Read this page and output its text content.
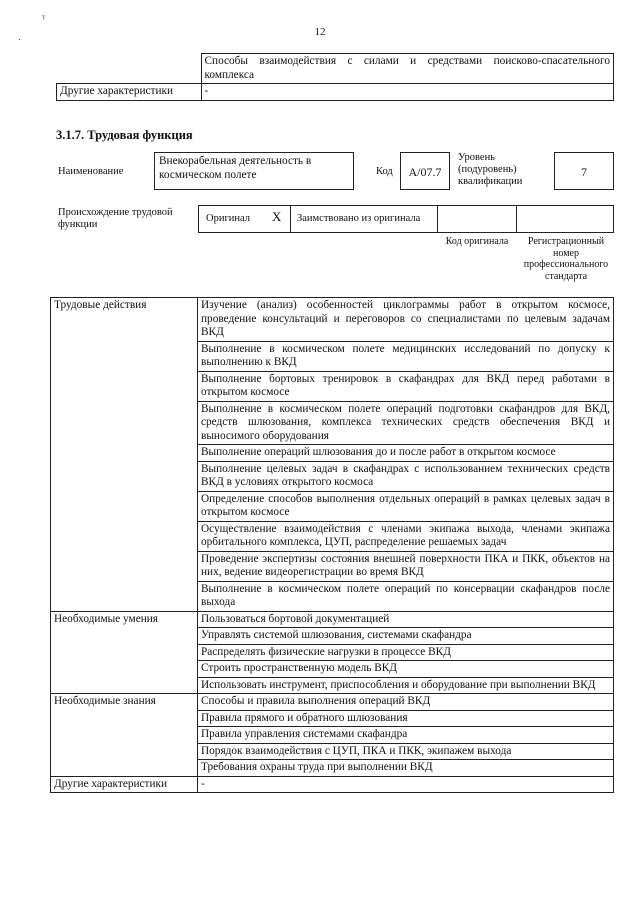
ᵀ
˙
12
	Способы взаимодействия с силами и средствами поисково-спасательного комплекса
Другие характеристики	-
3.1.7. Трудовая функция
Наименование
Внекорабельная деятельность в космическом полете	Код	A/07.7
Уровень (подуровень) квалификации
7
Происхождение трудовой функции
Оригинал X Заимствовано из оригинала
Код оригинала	Регистрационный номер профессионального стандарта
Трудовые действия	Изучение (анализ) особенностей циклограммы работ в открытом космосе, проведение консультаций и переговоров со специалистами по целевым задачам ВКД
	Выполнение в космическом полете медицинских исследований по допуску к выполнению к ВКД
	Выполнение бортовых тренировок в скафандрах для ВКД перед работами в открытом космосе
	Выполнение в космическом полете операций подготовки скафандров для ВКД, средств шлюзования, комплекса технических средств обеспечения ВКД и выносимого оборудования
	Выполнение операций шлюзования до и после работ в открытом космосе
	Выполнение целевых задач в скафандрах с использованием технических средств ВКД в условиях открытого космоса
	Определение способов выполнения отдельных операций в рамках целевых задач в открытом космосе
	Осуществление взаимодействия с членами экипажа выхода, членами экипажа орбитального комплекса, ЦУП, распределение решаемых задач
	Проведение экспертизы состояния внешней поверхности ПКА и ПКК, объектов на них, ведение видеорегистрации во время ВКД
	Выполнение в космическом полете операций по консервации скафандров после выхода
Необходимые умения	Пользоваться бортовой документацией
	Управлять системой шлюзования, системами скафандра
	Распределять физические нагрузки в процессе ВКД
	Строить пространственную модель ВКД
	Использовать инструмент, приспособления и оборудование при выполнении ВКД
Необходимые знания	Способы и правила выполнения операций ВКД
	Правила прямого и обратного шлюзования
	Правила управления системами скафандра
	Порядок взаимодействия с ЦУП, ПКА и ПКК, экипажем выхода
	Требования охраны труда при выполнении ВКД
Другие характеристики	-
